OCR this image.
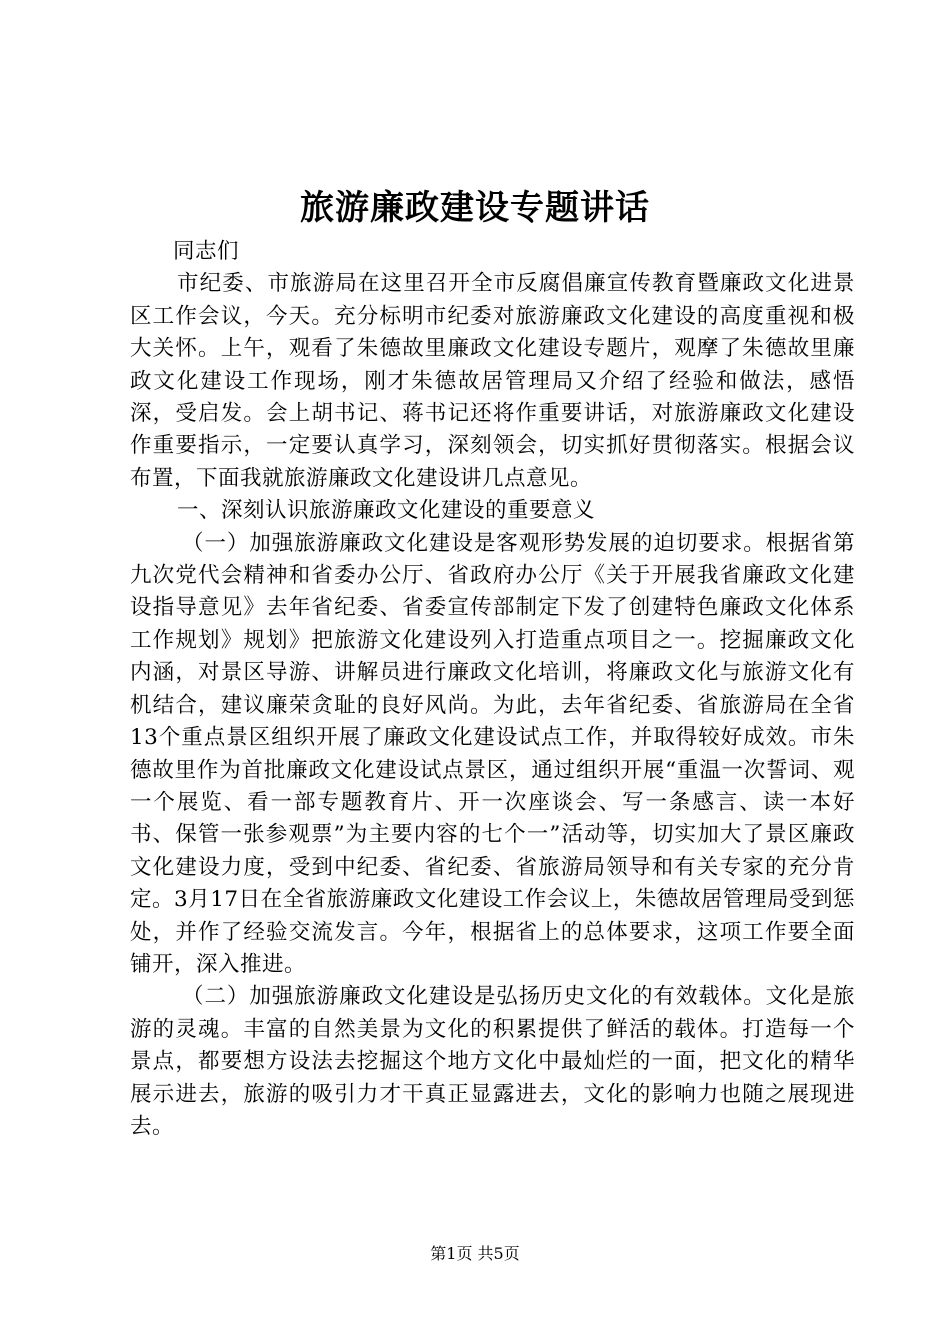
旅游廉政建设专题讲话

同志们

市纪委、市旅游局在这里召开全市反腐倡廉宣传教育暨廉政文化进景区工作会议，今天。充分标明市纪委对旅游廉政文化建设的高度重视和极大关怀。上午，观看了朱德故里廉政文化建设专题片，观摩了朱德故里廉政文化建设工作现场，刚才朱德故居管理局又介绍了经验和做法，感悟深，受启发。会上胡书记、蒋书记还将作重要讲话，对旅游廉政文化建设作重要指示，一定要认真学习，深刻领会，切实抓好贯彻落实。根据会议布置，下面我就旅游廉政文化建设讲几点意见。

一、深刻认识旅游廉政文化建设的重要意义

（一）加强旅游廉政文化建设是客观形势发展的迫切要求。根据省第九次党代会精神和省委办公厅、省政府办公厅《关于开展我省廉政文化建设指导意见》去年省纪委、省委宣传部制定下发了创建特色廉政文化体系工作规划》规划》把旅游文化建设列入打造重点项目之一。挖掘廉政文化内涵，对景区导游、讲解员进行廉政文化培训，将廉政文化与旅游文化有机结合，建议廉荣贪耻的良好风尚。为此，去年省纪委、省旅游局在全省13个重点景区组织开展了廉政文化建设试点工作，并取得较好成效。市朱德故里作为首批廉政文化建设试点景区，通过组织开展“重温一次誓词、观一个展览、看一部专题教育片、开一次座谈会、写一条感言、读一本好书、保管一张参观票”为主要内容的七个一”活动等，切实加大了景区廉政文化建设力度，受到中纪委、省纪委、省旅游局领导和有关专家的充分肯定。3月17日在全省旅游廉政文化建设工作会议上，朱德故居管理局受到惩处，并作了经验交流发言。今年，根据省上的总体要求，这项工作要全面铺开，深入推进。

（二）加强旅游廉政文化建设是弘扬历史文化的有效载体。文化是旅游的灵魂。丰富的自然美景为文化的积累提供了鲜活的载体。打造每一个景点，都要想方设法去挖掘这个地方文化中最灿烂的一面，把文化的精华展示进去，旅游的吸引力才干真正显露进去，文化的影响力也随之展现进去。

第1页 共5页
